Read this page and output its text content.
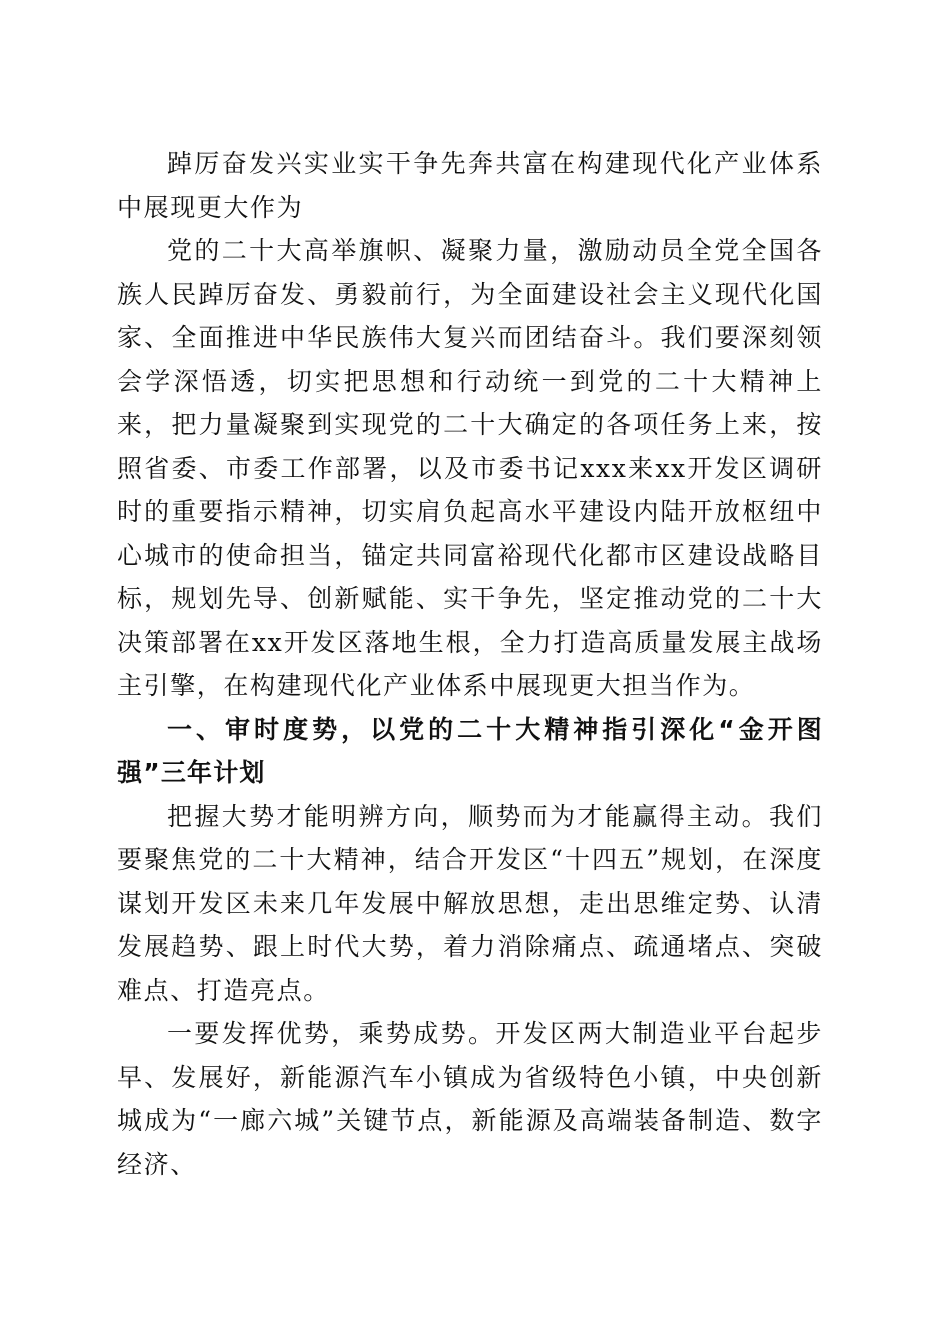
踔厉奋发兴实业实干争先奔共富在构建现代化产业体系中展现更大作为

党的二十大高举旗帜、凝聚力量，激励动员全党全国各族人民踔厉奋发、勇毅前行，为全面建设社会主义现代化国家、全面推进中华民族伟大复兴而团结奋斗。我们要深刻领会学深悟透，切实把思想和行动统一到党的二十大精神上来，把力量凝聚到实现党的二十大确定的各项任务上来，按照省委、市委工作部署，以及市委书记xxx来xx开发区调研时的重要指示精神，切实肩负起高水平建设内陆开放枢纽中心城市的使命担当，锚定共同富裕现代化都市区建设战略目标，规划先导、创新赋能、实干争先，坚定推动党的二十大决策部署在xx开发区落地生根，全力打造高质量发展主战场主引擎，在构建现代化产业体系中展现更大担当作为。

一、审时度势，以党的二十大精神指引深化“金开图强”三年计划

把握大势才能明辨方向，顺势而为才能赢得主动。我们要聚焦党的二十大精神，结合开发区“十四五”规划，在深度谋划开发区未来几年发展中解放思想，走出思维定势、认清发展趋势、跟上时代大势，着力消除痛点、疏通堵点、突破难点、打造亮点。

一要发挥优势，乘势成势。开发区两大制造业平台起步早、发展好，新能源汽车小镇成为省级特色小镇，中央创新城成为“一廊六城”关键节点，新能源及高端装备制造、数字经济、
